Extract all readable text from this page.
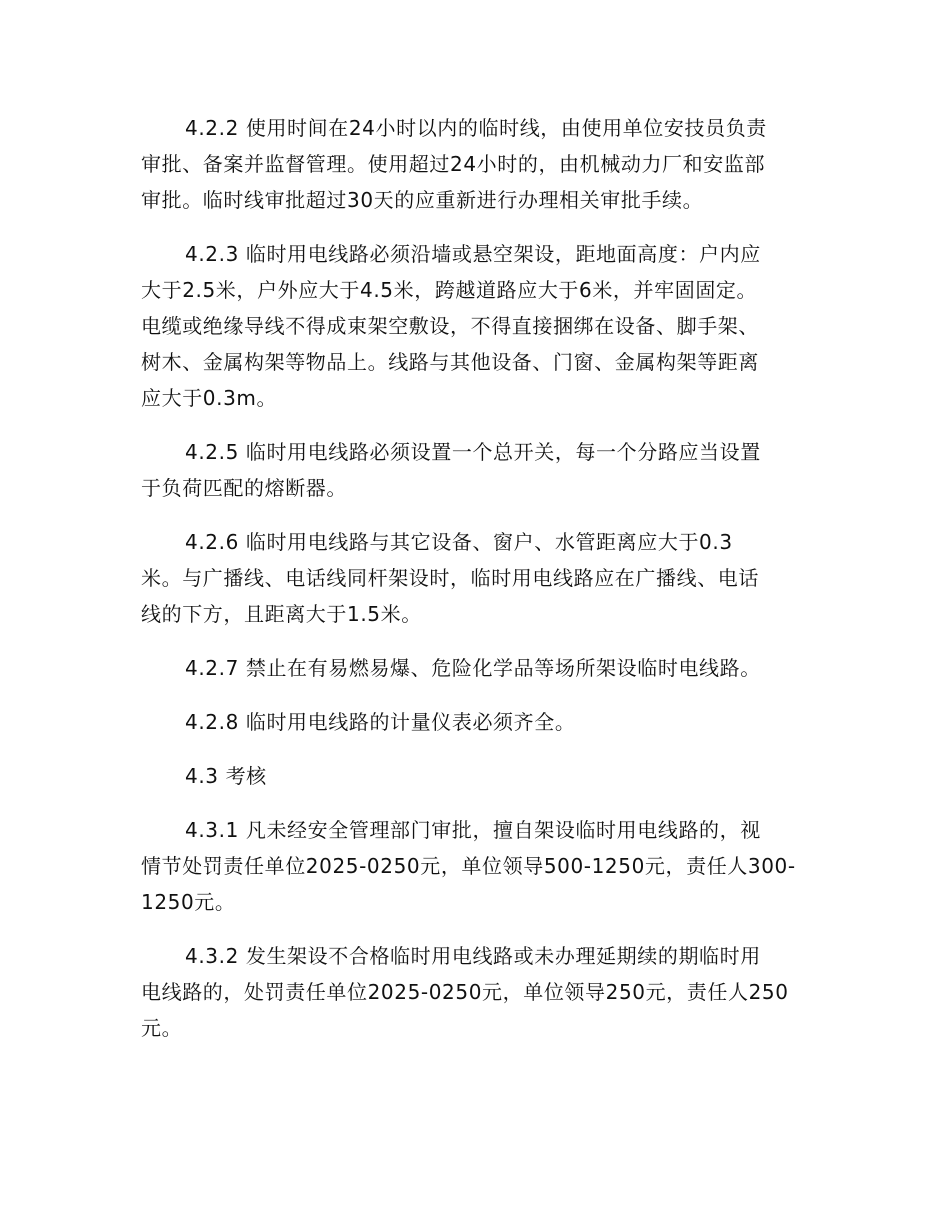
4.2.2 使用时间在24小时以内的临时线，由使用单位安技员负责
审批、备案并监督管理。使用超过24小时的，由机械动力厂和安监部
审批。临时线审批超过30天的应重新进行办理相关审批手续。

4.2.3 临时用电线路必须沿墙或悬空架设，距地面高度：户内应
大于2.5米，户外应大于4.5米，跨越道路应大于6米，并牢固固定。
电缆或绝缘导线不得成束架空敷设，不得直接捆绑在设备、脚手架、
树木、金属构架等物品上。线路与其他设备、门窗、金属构架等距离
应大于0.3m。

4.2.5 临时用电线路必须设置一个总开关，每一个分路应当设置
于负荷匹配的熔断器。

4.2.6 临时用电线路与其它设备、窗户、水管距离应大于0.3
米。与广播线、电话线同杆架设时，临时用电线路应在广播线、电话
线的下方，且距离大于1.5米。

4.2.7 禁止在有易燃易爆、危险化学品等场所架设临时电线路。

4.2.8 临时用电线路的计量仪表必须齐全。

4.3 考核

4.3.1 凡未经安全管理部门审批，擅自架设临时用电线路的，视
情节处罚责任单位2025-0250元，单位领导500-1250元，责任人300-
1250元。

4.3.2 发生架设不合格临时用电线路或未办理延期续的期临时用
电线路的，处罚责任单位2025-0250元，单位领导250元，责任人250
元。
